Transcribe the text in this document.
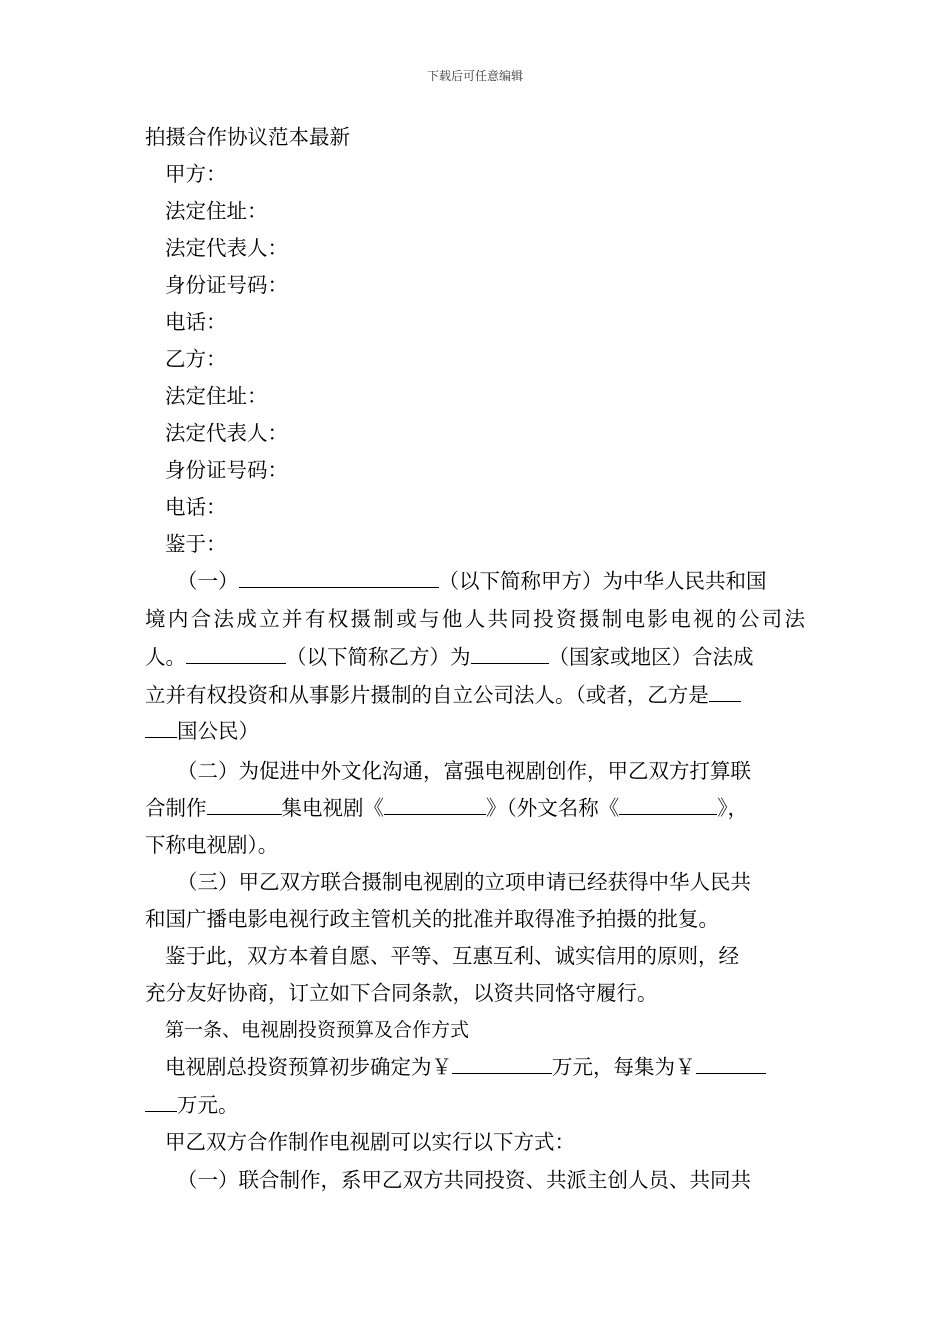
下载后可任意编辑
拍摄合作协议范本最新
甲方：
法定住址：
法定代表人：
身份证号码：
电话：
乙方：
法定住址：
法定代表人：
身份证号码：
电话：
鉴于：
（一）	（以下简称甲方）为中华人民共和国
境内合法成立并有权摄制或与他人共同投资摄制电影电视的公司法
人。	（以下简称乙方）为	（国家或地区）合法成
立并有权投资和从事影片摄制的自立公司法人。（或者，乙方是
国公民）
（二）为促进中外文化沟通，富强电视剧创作，甲乙双方打算联
合制作	集电视剧《	》（外文名称《	》，
下称电视剧）。
（三）甲乙双方联合摄制电视剧的立项申请已经获得中华人民共
和国广播电影电视行政主管机关的批准并取得准予拍摄的批复。
鉴于此，双方本着自愿、平等、互惠互利、诚实信用的原则，经
充分友好协商，订立如下合同条款，以资共同恪守履行。
第一条、电视剧投资预算及合作方式
电视剧总投资预算初步确定为￥	万元，每集为￥
万元。
甲乙双方合作制作电视剧可以实行以下方式：
（一）联合制作，系甲乙双方共同投资、共派主创人员、共同共
